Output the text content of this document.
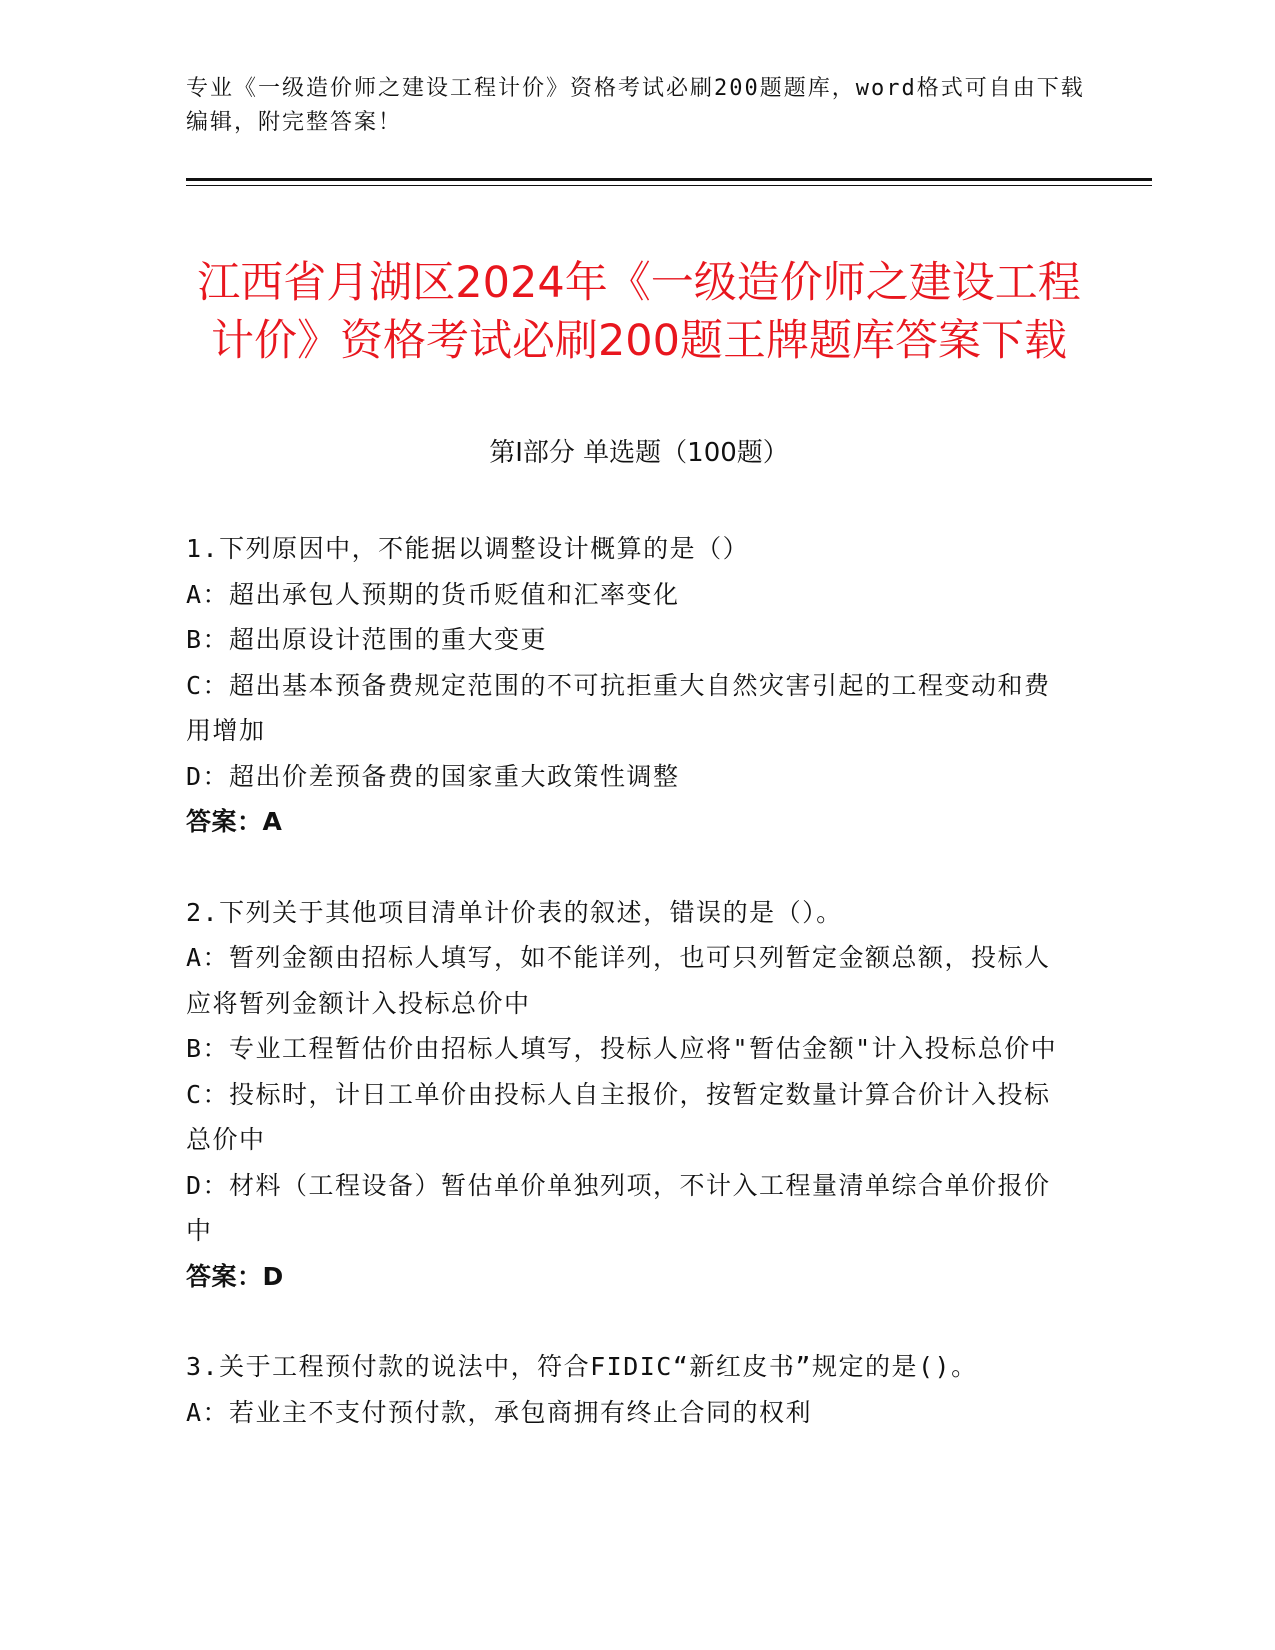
专业《一级造价师之建设工程计价》资格考试必刷200题题库，word格式可自由下载编辑，附完整答案！
江西省月湖区2024年《一级造价师之建设工程计价》资格考试必刷200题王牌题库答案下载
第I部分 单选题（100题）
1.下列原因中，不能据以调整设计概算的是（）
A：超出承包人预期的货币贬值和汇率变化
B：超出原设计范围的重大变更
C：超出基本预备费规定范围的不可抗拒重大自然灾害引起的工程变动和费用增加
D：超出价差预备费的国家重大政策性调整
答案：A
2.下列关于其他项目清单计价表的叙述，错误的是（）。
A：暂列金额由招标人填写，如不能详列，也可只列暂定金额总额，投标人应将暂列金额计入投标总价中
B：专业工程暂估价由招标人填写，投标人应将"暂估金额"计入投标总价中
C：投标时，计日工单价由投标人自主报价，按暂定数量计算合价计入投标总价中
D：材料（工程设备）暂估单价单独列项，不计入工程量清单综合单价报价中
答案：D
3.关于工程预付款的说法中，符合FIDIC“新红皮书”规定的是()。
A：若业主不支付预付款，承包商拥有终止合同的权利
